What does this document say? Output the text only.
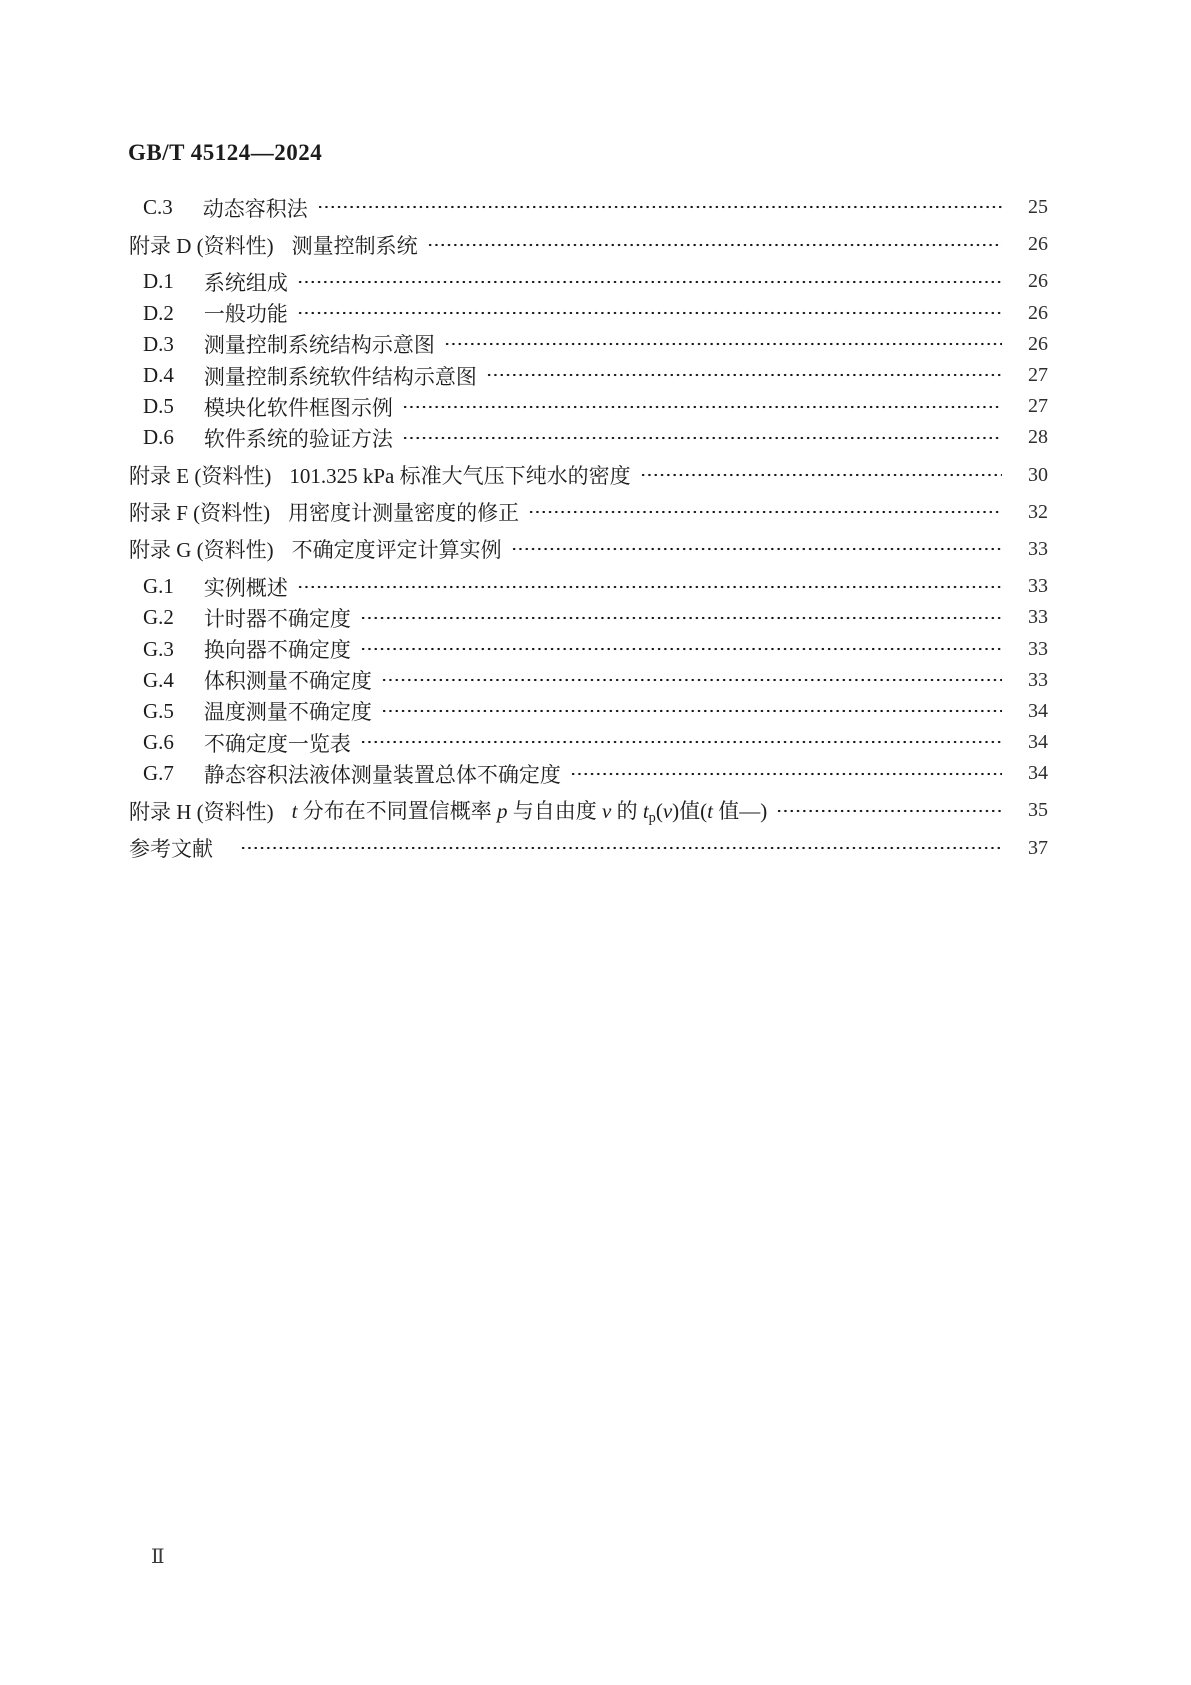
GB/T 45124—2024
C.3 动态容积法	25
附录 D (资料性) 测量控制系统	26
D.1 系统组成	26
D.2 一般功能	26
D.3 测量控制系统结构示意图	26
D.4 测量控制系统软件结构示意图	27
D.5 模块化软件框图示例	27
D.6 软件系统的验证方法	28
附录 E (资料性) 101.325 kPa 标准大气压下纯水的密度	30
附录 F (资料性) 用密度计测量密度的修正	32
附录 G (资料性) 不确定度评定计算实例	33
G.1 实例概述	33
G.2 计时器不确定度	33
G.3 换向器不确定度	33
G.4 体积测量不确定度	33
G.5 温度测量不确定度	34
G.6 不确定度一览表	34
G.7 静态容积法液体测量装置总体不确定度	34
附录 H (资料性) t 分布在不同置信概率 p 与自由度 v 的 tp(v)值(t 值—)	35
参考文献	37
Ⅱ
